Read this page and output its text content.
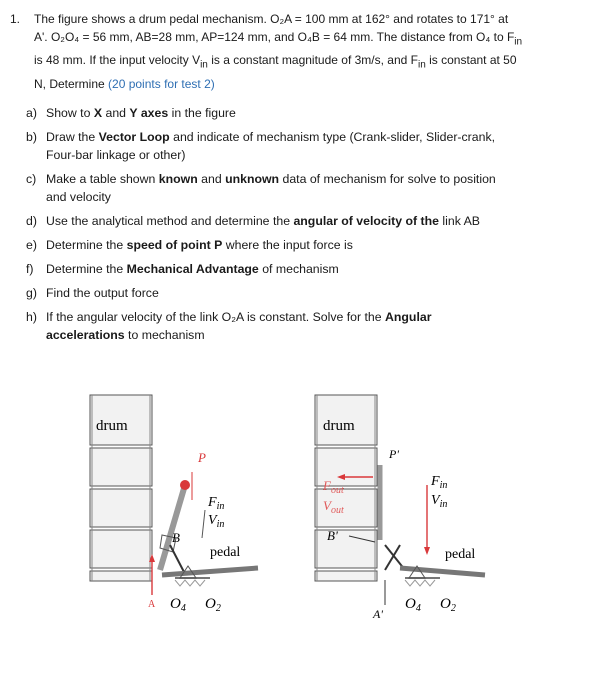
1. The figure shows a drum pedal mechanism. O₂A = 100 mm at 162° and rotates to 171° at
A'. O₂O₄ = 56 mm, AB=28 mm, AP=124 mm, and O₄B = 64 mm. The distance from O₄ to $F_{in}$
is 48 mm. If the input velocity $V_{in}$ is a constant magnitude of 3m/s, and $F_{in}$ is constant at 50
N, Determine (20 points for test 2)
a) Show to X and Y axes in the figure
b) Draw the Vector Loop and indicate of mechanism type (Crank-slider, Slider-crank,
Four-bar linkage or other)
c) Make a table shown known and unknown data of mechanism for solve to position
and velocity
d) Use the analytical method and determine the angular of velocity of the link AB
e) Determine the speed of point P where the input force is
f) Determine the Mechanical Advantage of mechanism
g) Find the output force
h) If the angular velocity of the link O₂A is constant. Solve for the Angular
accelerations to mechanism
drum
P
B
$F_{in}$
$V_{in}$
pedal
A $O_4$ $O_2$
drum
P'
$F_{out}$
$V_{out}$
B'
$F_{in}$
$V_{in}$
pedal
A'
$O_4$ $O_2$
